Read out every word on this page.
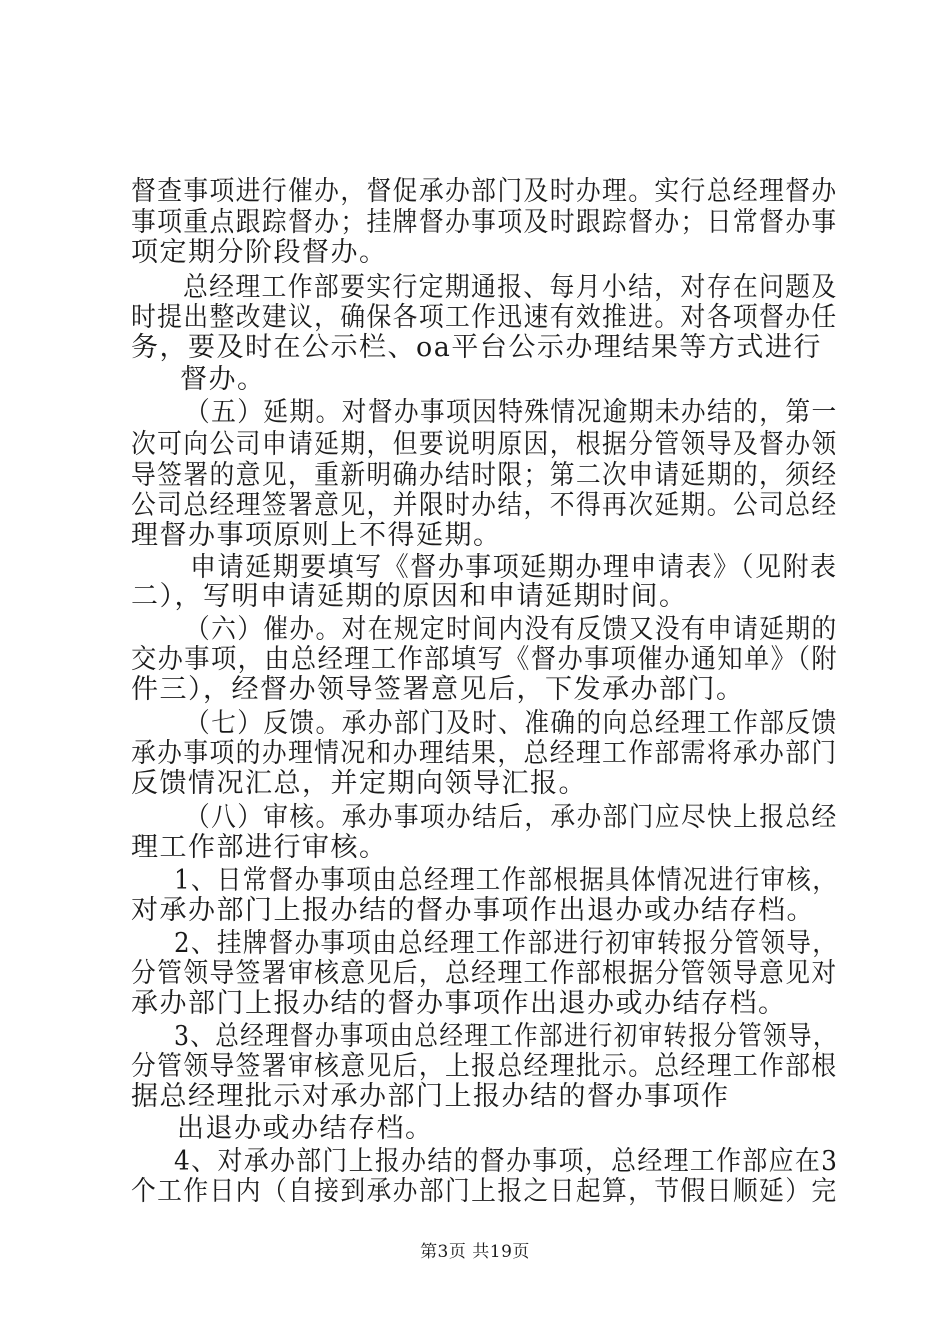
督查事项进行催办，督促承办部门及时办理。实行总经理督办
事项重点跟踪督办；挂牌督办事项及时跟踪督办；日常督办事
项定期分阶段督办。
总经理工作部要实行定期通报、每月小结，对存在问题及
时提出整改建议，确保各项工作迅速有效推进。对各项督办任
务，要及时在公示栏、oa平台公示办理结果等方式进行
督办。
（五）延期。对督办事项因特殊情况逾期未办结的，第一
次可向公司申请延期，但要说明原因，根据分管领导及督办领
导签署的意见，重新明确办结时限；第二次申请延期的，须经
公司总经理签署意见，并限时办结，不得再次延期。公司总经
理督办事项原则上不得延期。
申请延期要填写《督办事项延期办理申请表》（见附表
二），写明申请延期的原因和申请延期时间。
（六）催办。对在规定时间内没有反馈又没有申请延期的
交办事项，由总经理工作部填写《督办事项催办通知单》（附
件三），经督办领导签署意见后，下发承办部门。
（七）反馈。承办部门及时、准确的向总经理工作部反馈
承办事项的办理情况和办理结果，总经理工作部需将承办部门
反馈情况汇总，并定期向领导汇报。
（八）审核。承办事项办结后，承办部门应尽快上报总经
理工作部进行审核。
1、日常督办事项由总经理工作部根据具体情况进行审核，
对承办部门上报办结的督办事项作出退办或办结存档。
2、挂牌督办事项由总经理工作部进行初审转报分管领导，
分管领导签署审核意见后，总经理工作部根据分管领导意见对
承办部门上报办结的督办事项作出退办或办结存档。
3、总经理督办事项由总经理工作部进行初审转报分管领导，
分管领导签署审核意见后，上报总经理批示。总经理工作部根
据总经理批示对承办部门上报办结的督办事项作
出退办或办结存档。
4、对承办部门上报办结的督办事项，总经理工作部应在3
个工作日内（自接到承办部门上报之日起算，节假日顺延）完
第3页 共19页
